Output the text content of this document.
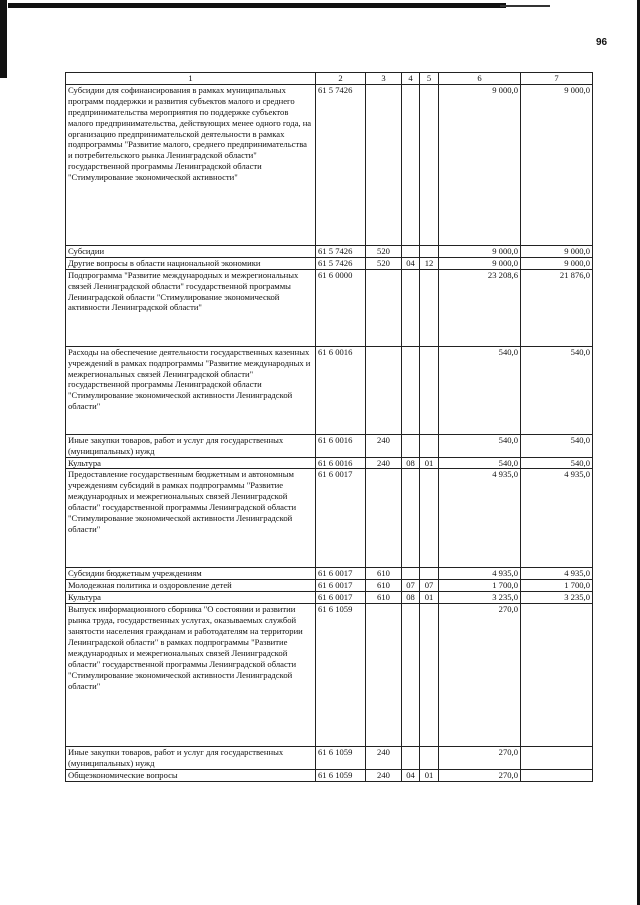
96
1	2	3	4	5	6	7
Субсидии для софинансирования в рамках муниципальных программ поддержки и развития субъектов малого и среднего предпринимательства мероприятия по поддержке субъектов малого предпринимательства, действующих менее одного года, на организацию предпринимательской деятельности в рамках подпрограммы "Развитие малого, среднего предпринимательства и потребительского рынка Ленинградской области" государственной программы Ленинградской области "Стимулирование экономической активности"	61 5 7426				9 000,0	9 000,0
Субсидии	61 5 7426	520			9 000,0	9 000,0
Другие вопросы в области национальной экономики	61 5 7426	520	04	12	9 000,0	9 000,0
Подпрограмма "Развитие международных и межрегиональных связей Ленинградской области" государственной программы Ленинградской области "Стимулирование экономической активности Ленинградской области"	61 6 0000				23 208,6	21 876,0
Расходы на обеспечение деятельности государственных казенных учреждений в рамках подпрограммы "Развитие международных и межрегиональных связей Ленинградской области" государственной программы Ленинградской области "Стимулирование экономической активности Ленинградской области"	61 6 0016				540,0	540,0
Иные закупки товаров, работ и услуг для государственных (муниципальных) нужд	61 6 0016	240			540,0	540,0
Культура	61 6 0016	240	08	01	540,0	540,0
Предоставление государственным бюджетным и автономным учреждениям субсидий в рамках подпрограммы "Развитие международных и межрегиональных связей Ленинградской области" государственной программы Ленинградской области "Стимулирование экономической активности Ленинградской области"	61 6 0017				4 935,0	4 935,0
Субсидии бюджетным учреждениям	61 6 0017	610			4 935,0	4 935,0
Молодежная политика и оздоровление детей	61 6 0017	610	07	07	1 700,0	1 700,0
Культура	61 6 0017	610	08	01	3 235,0	3 235,0
Выпуск информационного сборника "О состоянии и развитии рынка труда, государственных услугах, оказываемых службой занятости населения гражданам и работодателям на территории Ленинградской области" в рамках подпрограммы "Развитие международных и межрегиональных связей Ленинградской области" государственной программы Ленинградской области "Стимулирование экономической активности Ленинградской области"	61 6 1059				270,0	
Иные закупки товаров, работ и услуг для государственных (муниципальных) нужд	61 6 1059	240			270,0	
Общеэкономические вопросы	61 6 1059	240	04	01	270,0	
